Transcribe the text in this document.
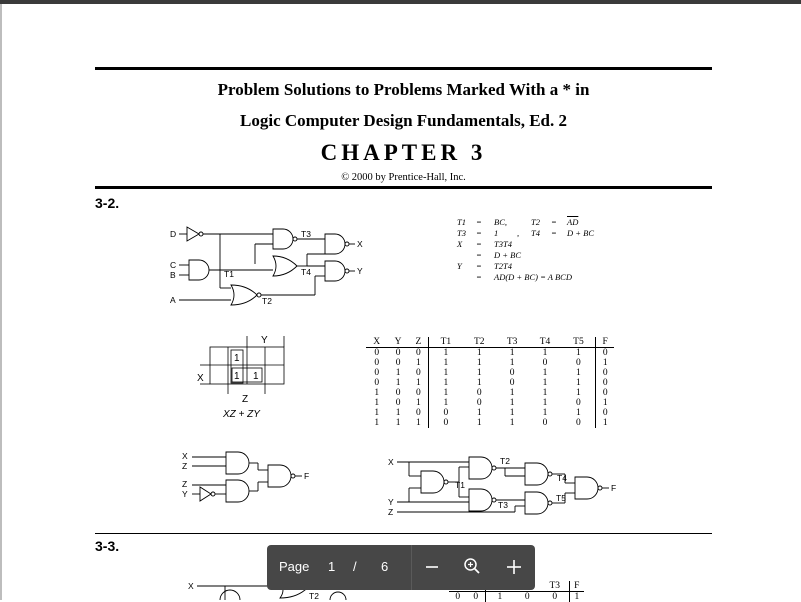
Problem Solutions to Problems Marked With a * in
Logic Computer Design Fundamentals, Ed. 2
CHAPTER 3
© 2000 by Prentice-Hall, Inc.
3-2.
D
C
B
A
T1
T2
T3
T4
X
Y
T1 = BC,	$T2 = \overline{AD}$
T3 = 1 , T4 = D + BC
X = T3T4
= D + BC
Y = T2T4
= AD(D + BC) = A BCD
Y
X
Z
1
1 1
XZ + ZY
X	Y	Z	T1	T2	T3	T4	T5	F
0	0	0	1	1	1	1	1	0
0	0	1	1	1	1	0	0	1
0	1	0	1	1	0	1	1	0
0	1	1	1	1	0	1	1	0
1	0	0	1	0	1	1	1	0
1	0	1	1	0	1	1	0	1
1	1	0	0	1	1	1	1	0
1	1	1	0	1	1	0	0	1
X
Z
Z
Y
F
X
Y
Z
T1
T2
T3
T4
T5
F
3-3.
X
T2
				T3	F
0	0	1	0	0	1
Page 1 / 6
